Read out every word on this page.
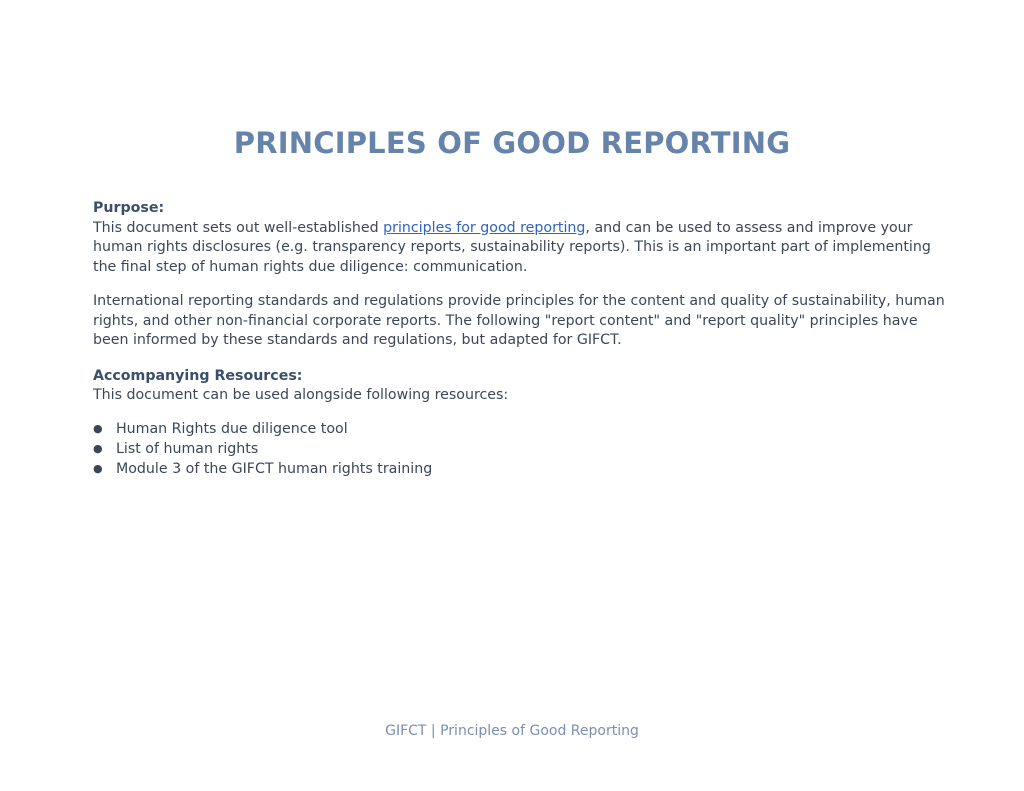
PRINCIPLES OF GOOD REPORTING

Purpose:

This document sets out well-established principles for good reporting, and can be used to assess and improve your human rights disclosures (e.g. transparency reports, sustainability reports). This is an important part of implementing the final step of human rights due diligence: communication.

International reporting standards and regulations provide principles for the content and quality of sustainability, human rights, and other non-financial corporate reports. The following "report content" and "report quality" principles have been informed by these standards and regulations, but adapted for GIFCT.

Accompanying Resources:

This document can be used alongside following resources:

● Human Rights due diligence tool
● List of human rights
● Module 3 of the GIFCT human rights training
GIFCT | Principles of Good Reporting
